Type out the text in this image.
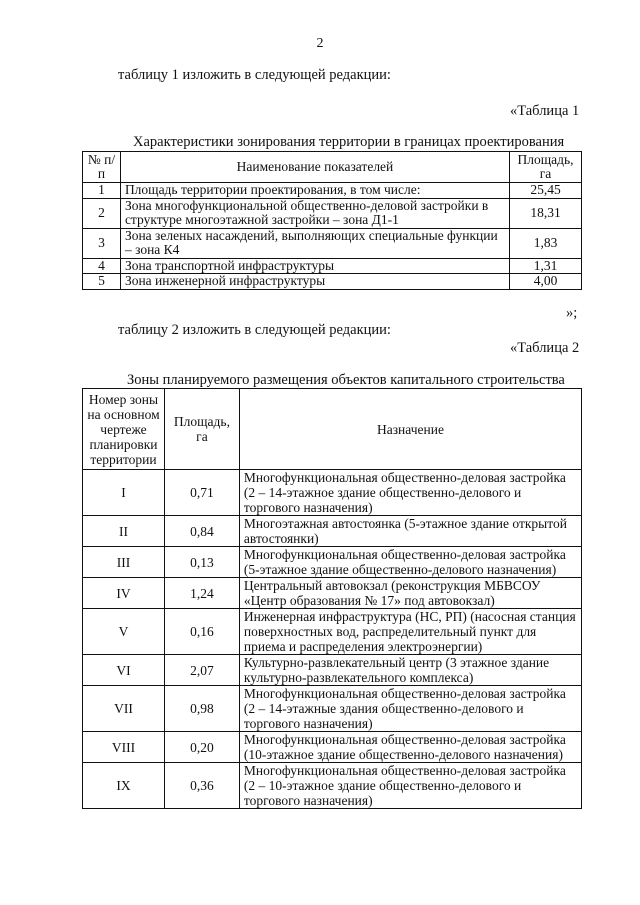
2
таблицу 1 изложить в следующей редакции:
«Таблица 1
Характеристики зонирования территории в границах проектирования
№ п/п	Наименование показателей	Площадь, га
1	Площадь территории проектирования, в том числе:	25,45
2	Зона многофункциональной общественно-деловой застройки в структуре многоэтажной застройки – зона Д1-1	18,31
3	Зона зеленых насаждений, выполняющих специальные функции – зона К4	1,83
4	Зона транспортной инфраструктуры	1,31
5	Зона инженерной инфраструктуры	4,00
»;
таблицу 2 изложить в следующей редакции:
«Таблица 2
Зоны планируемого размещения объектов капитального строительства
Номер зоны на основном чертеже планировки территории	Площадь, га	Назначение
I	0,71	Многофункциональная общественно-деловая застройка (2 – 14-этажное здание общественно-делового и торгового назначения)
II	0,84	Многоэтажная автостоянка (5-этажное здание открытой автостоянки)
III	0,13	Многофункциональная общественно-деловая застройка (5-этажное здание общественно-делового назначения)
IV	1,24	Центральный автовокзал (реконструкция МБВСОУ «Центр образования № 17» под автовокзал)
V	0,16	Инженерная инфраструктура (НС, РП) (насосная станция поверхностных вод, распределительный пункт для приема и распределения электроэнергии)
VI	2,07	Культурно-развлекательный центр (3 этажное здание культурно-развлекательного комплекса)
VII	0,98	Многофункциональная общественно-деловая застройка (2 – 14-этажные здания общественно-делового и торгового назначения)
VIII	0,20	Многофункциональная общественно-деловая застройка (10-этажное здание общественно-делового назначения)
IX	0,36	Многофункциональная общественно-деловая застройка (2 – 10-этажное здание общественно-делового и торгового назначения)
